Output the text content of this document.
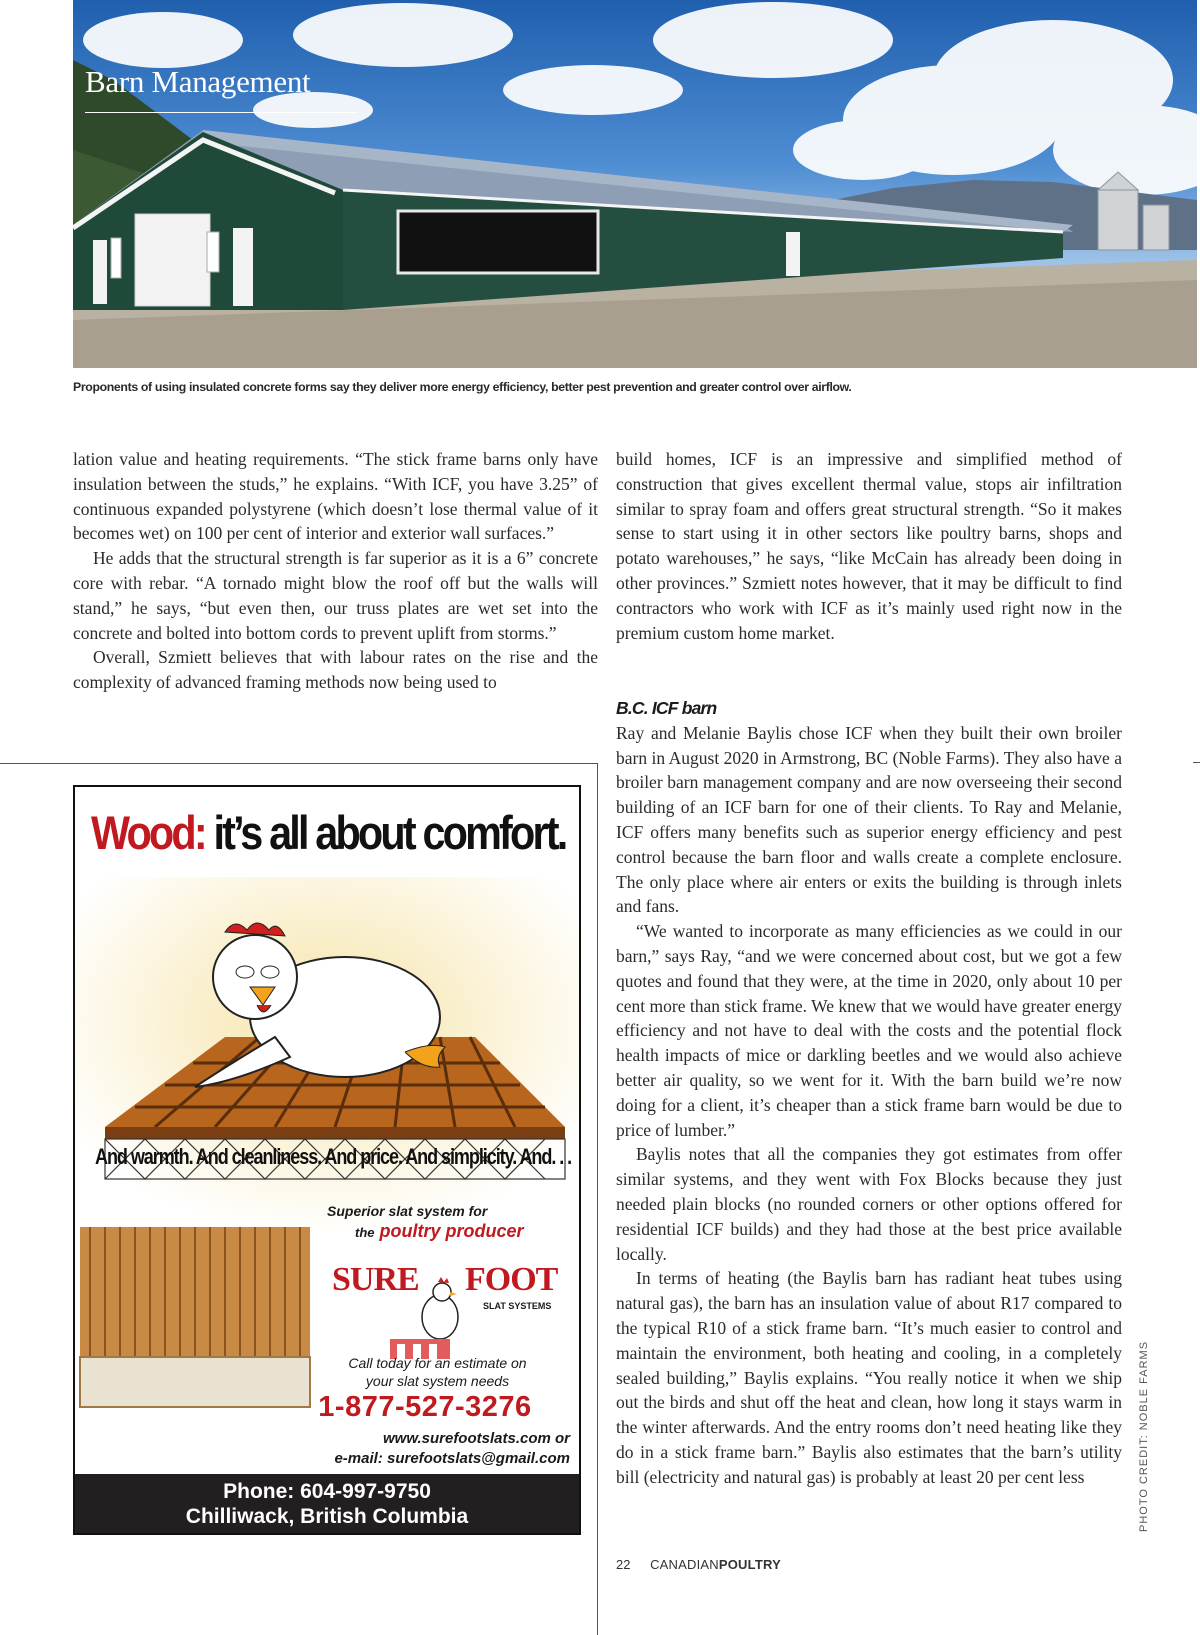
Barn Management
Proponents of using insulated concrete forms say they deliver more energy efficiency, better pest prevention and greater control over airflow.

lation value and heating requirements. “The stick frame barns only have insulation between the studs,” he explains. “With ICF, you have 3.25” of continuous expanded polystyrene (which doesn’t lose thermal value of it becomes wet) on 100 per cent of interior and exterior wall surfaces.”

He adds that the structural strength is far superior as it is a 6” concrete core with rebar. “A tornado might blow the roof off but the walls will stand,” he says, “but even then, our truss plates are wet set into the concrete and bolted into bottom cords to prevent uplift from storms.”

Overall, Szmiett believes that with labour rates on the rise and the complexity of advanced framing methods now being used to

build homes, ICF is an impressive and simplified method of construction that gives excellent thermal value, stops air infiltration similar to spray foam and offers great structural strength. “So it makes sense to start using it in other sectors like poultry barns, shops and potato warehouses,” he says, “like McCain has already been doing in other provinces.” Szmiett notes however, that it may be difficult to find contractors who work with ICF as it’s mainly used right now in the premium custom home market.

B.C. ICF barn

Ray and Melanie Baylis chose ICF when they built their own broiler barn in August 2020 in Armstrong, BC (Noble Farms). They also have a broiler barn management company and are now overseeing their second building of an ICF barn for one of their clients. To Ray and Melanie, ICF offers many benefits such as superior energy efficiency and pest control because the barn floor and walls create a complete enclosure. The only place where air enters or exits the building is through inlets and fans.

“We wanted to incorporate as many efficiencies as we could in our barn,” says Ray, “and we were concerned about cost, but we got a few quotes and found that they were, at the time in 2020, only about 10 per cent more than stick frame. We knew that we would have greater energy efficiency and not have to deal with the costs and the potential flock health impacts of mice or darkling beetles and we would also achieve better air quality, so we went for it. With the barn build we’re now doing for a client, it’s cheaper than a stick frame barn would be due to price of lumber.”

Baylis notes that all the companies they got estimates from offer similar systems, and they went with Fox Blocks because they just needed plain blocks (no rounded corners or other options offered for residential ICF builds) and they had those at the best price available locally.

In terms of heating (the Baylis barn has radiant heat tubes using natural gas), the barn has an insulation value of about R17 compared to the typical R10 of a stick frame barn. “It’s much easier to control and maintain the environment, both heating and cooling, in a completely sealed building,” Baylis explains. “You really notice it when we ship out the birds and shut off the heat and clean, how long it stays warm in the winter afterwards. And the entry rooms don’t need heating like they do in a stick frame barn.” Baylis also estimates that the barn’s utility bill (electricity and natural gas) is probably at least 20 per cent less

Wood: it’s all about comfort.
And warmth. And cleanliness. And price. And simplicity. And. . .
Superior slat system for
the poultry producer
SURE FOOT
SLAT SYSTEMS
Call today for an estimate on
your slat system needs
1-877-527-3276
www.surefootslats.com or
e-mail: surefootslats@gmail.com
Phone: 604-997-9750
Chilliwack, British Columbia
22 CANADIANPOULTRY
PHOTO CREDIT: NOBLE FARMS
